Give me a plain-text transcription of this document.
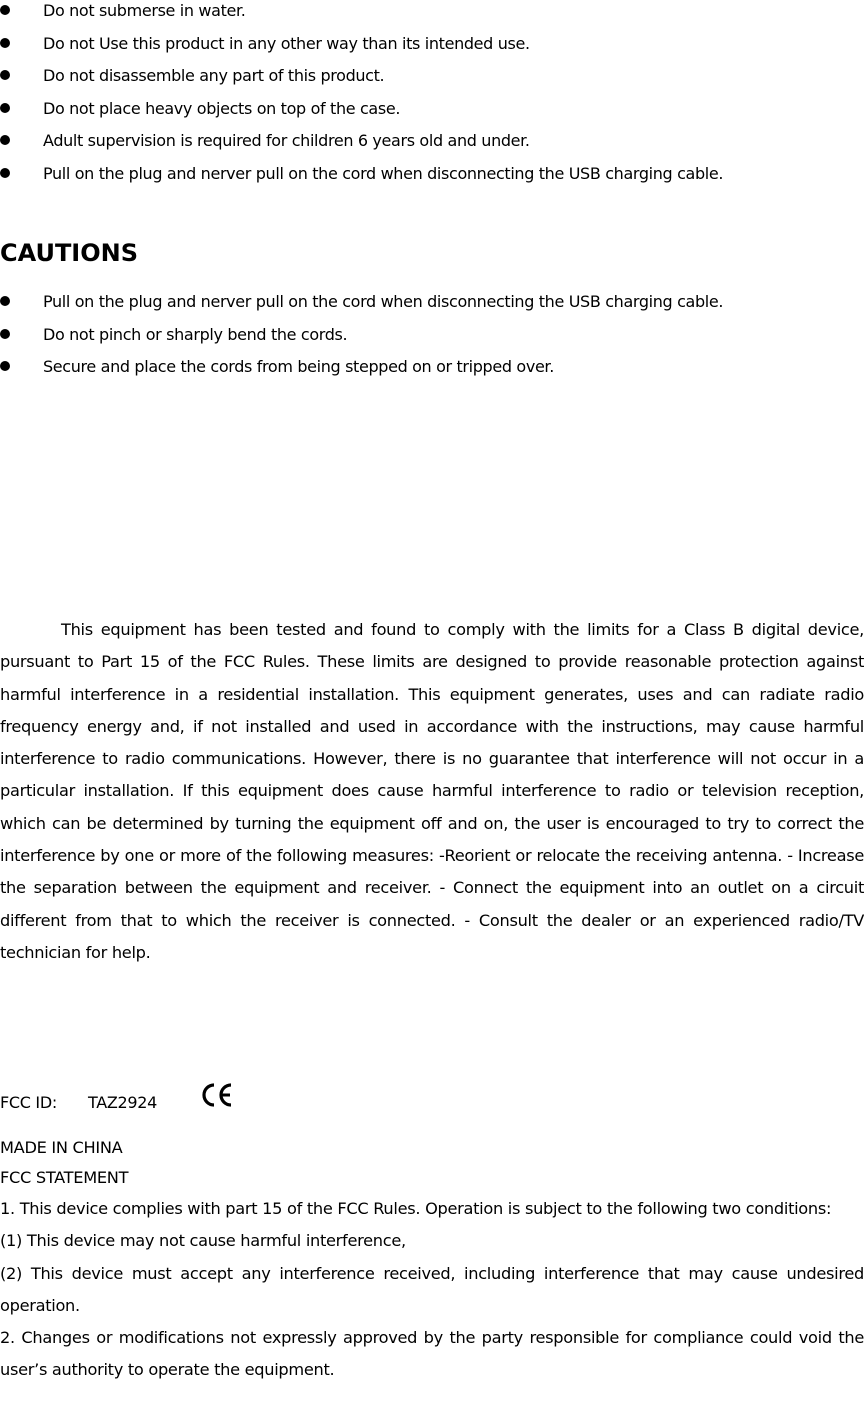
Do not submerse in water.
Do not Use this product in any other way than its intended use.
Do not disassemble any part of this product.
Do not place heavy objects on top of the case.
Adult supervision is required for children 6 years old and under.
Pull on the plug and nerver pull on the cord when disconnecting the USB charging cable.
CAUTIONS
Pull on the plug and nerver pull on the cord when disconnecting the USB charging cable.
Do not pinch or sharply bend the cords.
Secure and place the cords from being stepped on or tripped over.

This equipment has been tested and found to comply with the limits for a Class B digital device, pursuant to Part 15 of the FCC Rules. These limits are designed to provide reasonable protection against harmful interference in a residential installation. This equipment generates, uses and can radiate radio frequency energy and, if not installed and used in accordance with the instructions, may cause harmful interference to radio communications. However, there is no guarantee that interference will not occur in a particular installation. If this equipment does cause harmful interference to radio or television reception, which can be determined by turning the equipment off and on, the user is encouraged to try to correct the interference by one or more of the following measures: -Reorient or relocate the receiving antenna. - Increase the separation between the equipment and receiver. - Connect the equipment into an outlet on a circuit different from that to which the receiver is connected. - Consult the dealer or an experienced radio/TV technician for help.

FCC ID: TAZ2924
MADE IN CHINA
FCC STATEMENT
1. This device complies with part 15 of the FCC Rules. Operation is subject to the following two conditions:
(1) This device may not cause harmful interference,
(2) This device must accept any interference received, including interference that may cause undesired operation.
2. Changes or modifications not expressly approved by the party responsible for compliance could void the user’s authority to operate the equipment.
